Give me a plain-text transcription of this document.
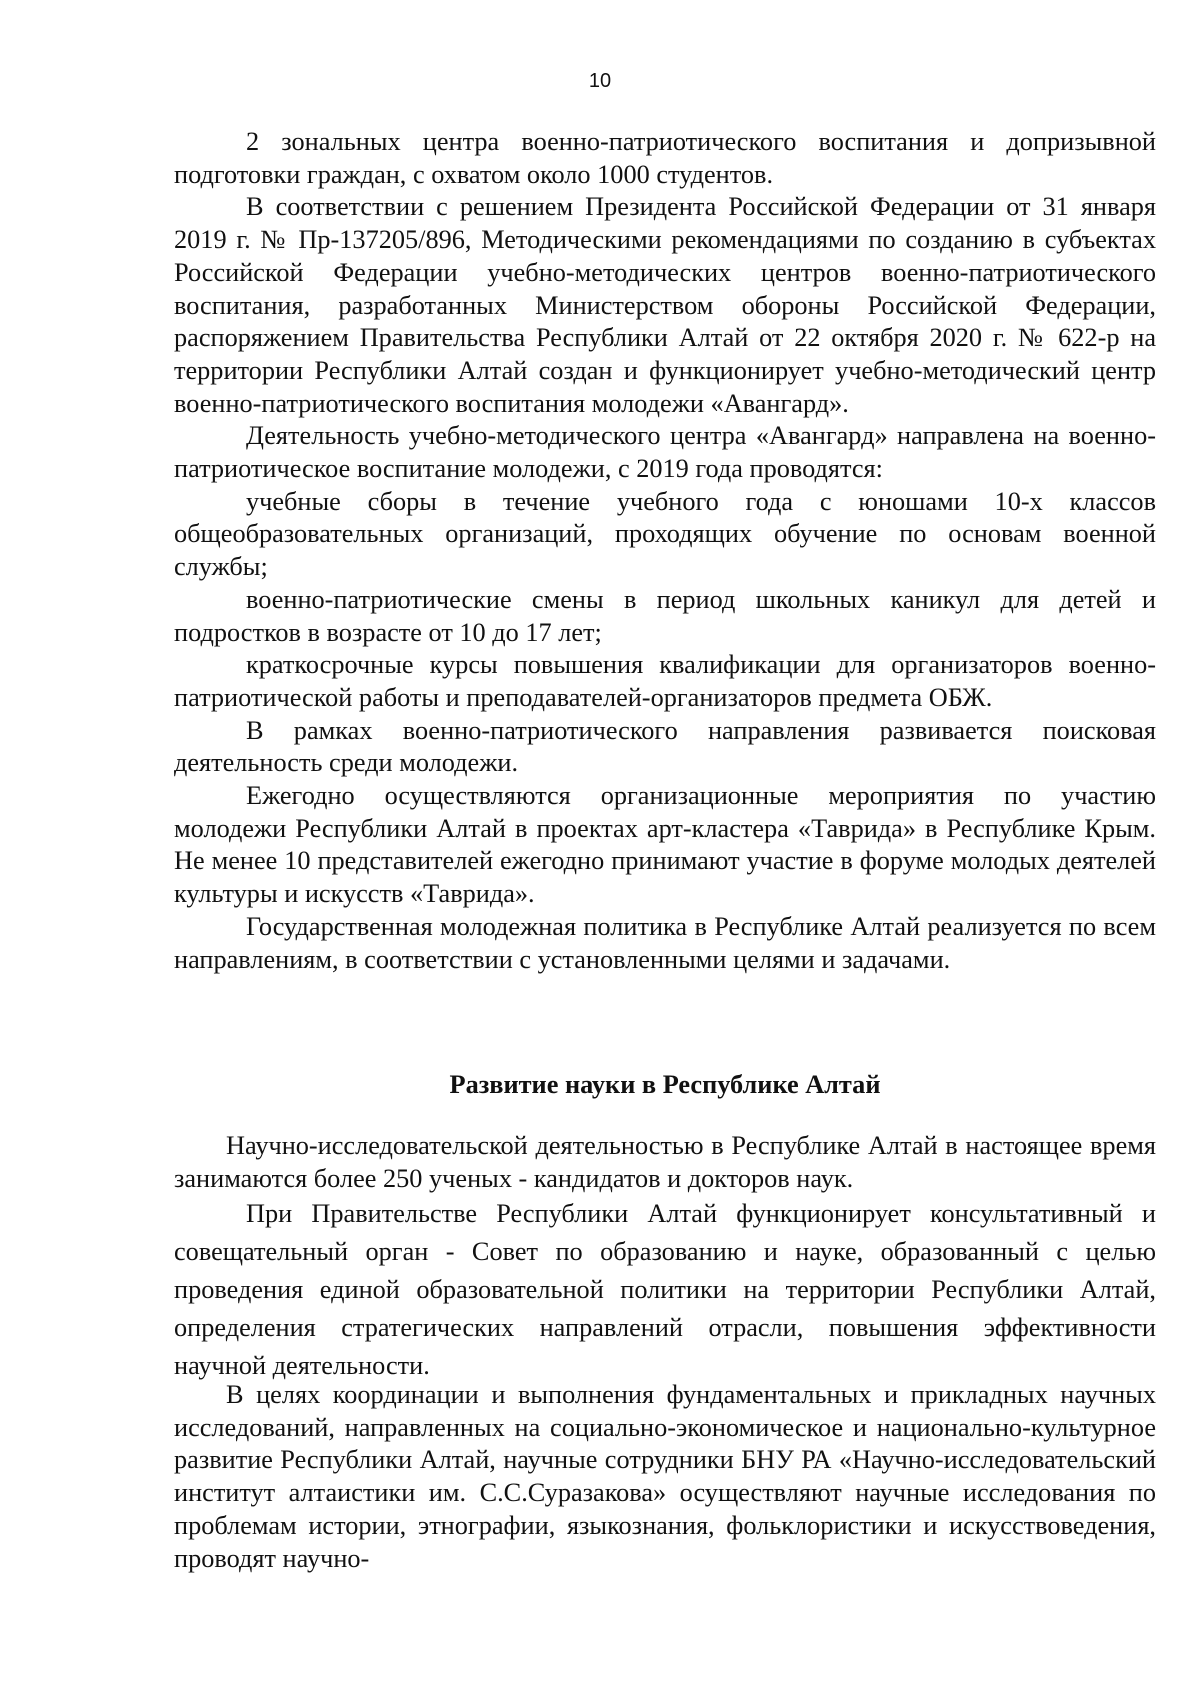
10

2 зональных центра военно-патриотического воспитания и допризывной подготовки граждан, с охватом около 1000 студентов.

В соответствии с решением Президента Российской Федерации от 31 января 2019 г. № Пр-137205/896, Методическими рекомендациями по созданию в субъектах Российской Федерации учебно-методических центров военно-патриотического воспитания, разработанных Министерством обороны Российской Федерации, распоряжением Правительства Республики Алтай от 22 октября 2020 г. № 622-р на территории Республики Алтай создан и функционирует учебно-методический центр военно-патриотического воспитания молодежи «Авангард».

Деятельность учебно-методического центра «Авангард» направлена на военно-патриотическое воспитание молодежи, с 2019 года проводятся:

учебные сборы в течение учебного года с юношами 10-х классов общеобразовательных организаций, проходящих обучение по основам военной службы;

военно-патриотические смены в период школьных каникул для детей и подростков в возрасте от 10 до 17 лет;

краткосрочные курсы повышения квалификации для организаторов военно-патриотической работы и преподавателей-организаторов предмета ОБЖ.

В рамках военно-патриотического направления развивается поисковая деятельность среди молодежи.

Ежегодно осуществляются организационные мероприятия по участию молодежи Республики Алтай в проектах арт-кластера «Таврида» в Республике Крым. Не менее 10 представителей ежегодно принимают участие в форуме молодых деятелей культуры и искусств «Таврида».

Государственная молодежная политика в Республике Алтай реализуется по всем направлениям, в соответствии с установленными целями и задачами.

Развитие науки в Республике Алтай

Научно-исследовательской деятельностью в Республике Алтай в настоящее время занимаются более 250 ученых - кандидатов и докторов наук.

При Правительстве Республики Алтай функционирует консультативный и совещательный орган - Совет по образованию и науке, образованный с целью проведения единой образовательной политики на территории Республики Алтай, определения стратегических направлений отрасли, повышения эффективности научной деятельности.

В целях координации и выполнения фундаментальных и прикладных научных исследований, направленных на социально-экономическое и национально-культурное развитие Республики Алтай, научные сотрудники БНУ РА «Научно-исследовательский институт алтаистики им. С.С.Суразакова» осуществляют научные исследования по проблемам истории, этнографии, языкознания, фольклористики и искусствоведения, проводят научно-
